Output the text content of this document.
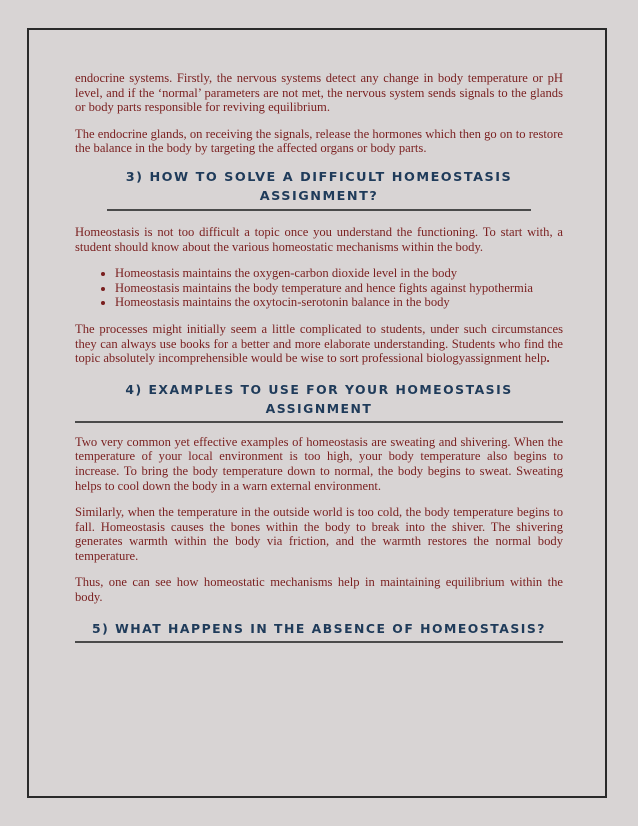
endocrine systems. Firstly, the nervous systems detect any change in body temperature or pH level, and if the ‘normal’ parameters are not met, the nervous system sends signals to the glands or body parts responsible for reviving equilibrium.

The endocrine glands, on receiving the signals, release the hormones which then go on to restore the balance in the body by targeting the affected organs or body parts.

3) HOW TO SOLVE A DIFFICULT HOMEOSTASIS ASSIGNMENT?

Homeostasis is not too difficult a topic once you understand the functioning. To start with, a student should know about the various homeostatic mechanisms within the body.

• Homeostasis maintains the oxygen-carbon dioxide level in the body
• Homeostasis maintains the body temperature and hence fights against hypothermia
• Homeostasis maintains the oxytocin-serotonin balance in the body

The processes might initially seem a little complicated to students, under such circumstances they can always use books for a better and more elaborate understanding. Students who find the topic absolutely incomprehensible would be wise to sort professional biologyassignment help.

4) EXAMPLES TO USE FOR YOUR HOMEOSTASIS ASSIGNMENT

Two very common yet effective examples of homeostasis are sweating and shivering. When the temperature of your local environment is too high, your body temperature also begins to increase. To bring the body temperature down to normal, the body begins to sweat. Sweating helps to cool down the body in a warn external environment.

Similarly, when the temperature in the outside world is too cold, the body temperature begins to fall. Homeostasis causes the bones within the body to break into the shiver. The shivering generates warmth within the body via friction, and the warmth restores the normal body temperature.

Thus, one can see how homeostatic mechanisms help in maintaining equilibrium within the body.

5) WHAT HAPPENS IN THE ABSENCE OF HOMEOSTASIS?
